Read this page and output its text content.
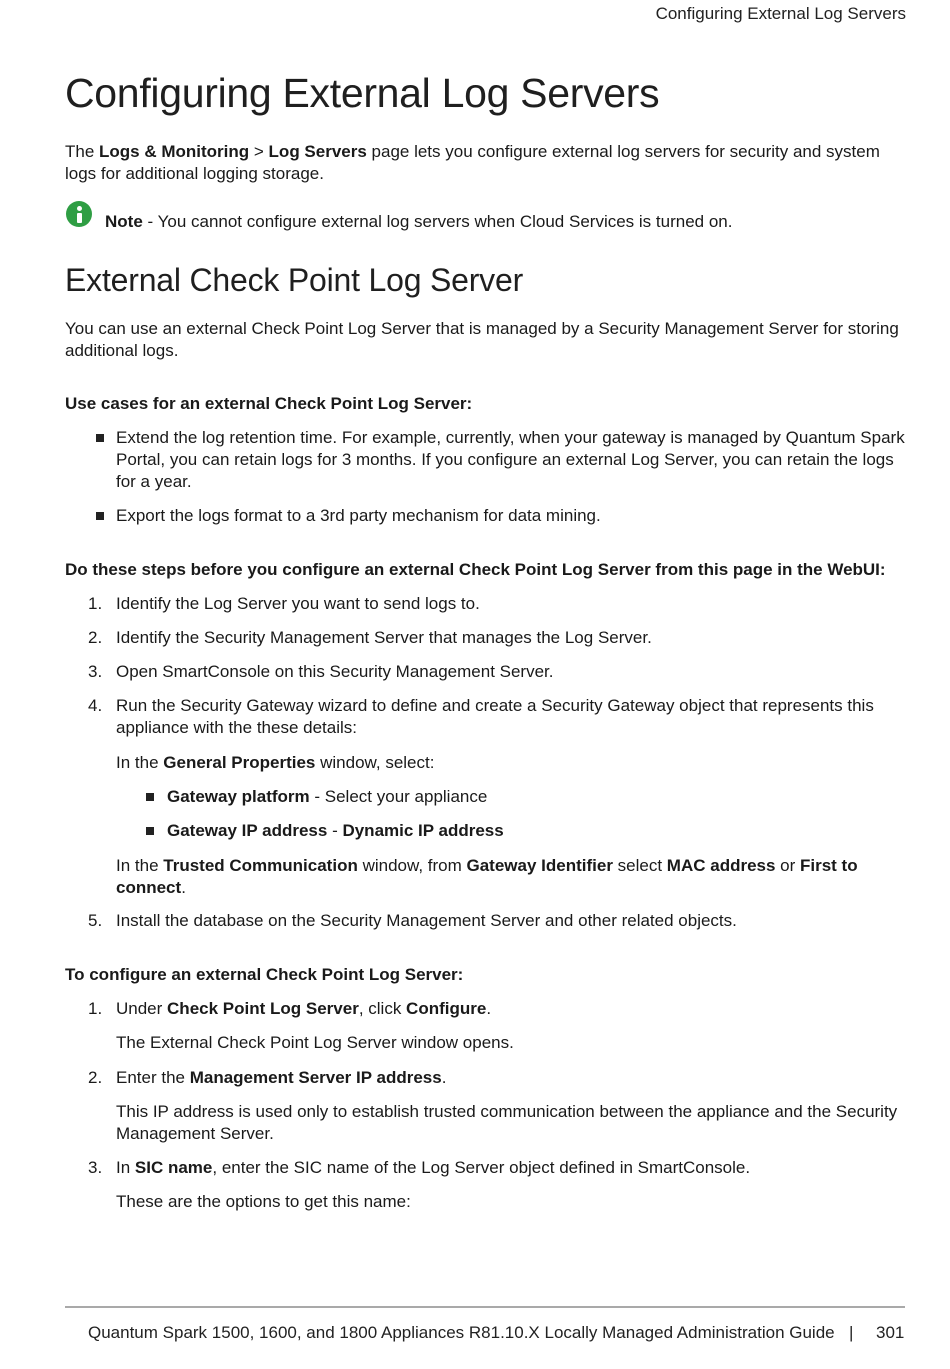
Configuring External Log Servers
Configuring External Log Servers

The Logs & Monitoring > Log Servers page lets you configure external log servers for security and system logs for additional logging storage.

Note - You cannot configure external log servers when Cloud Services is turned on.

External Check Point Log Server

You can use an external Check Point Log Server that is managed by a Security Management Server for storing additional logs.

Use cases for an external Check Point Log Server:

Extend the log retention time. For example, currently, when your gateway is managed by Quantum Spark Portal, you can retain logs for 3 months. If you configure an external Log Server, you can retain the logs for a year.

Export the logs format to a 3rd party mechanism for data mining.

Do these steps before you configure an external Check Point Log Server from this page in the WebUI:

1. Identify the Log Server you want to send logs to.

2. Identify the Security Management Server that manages the Log Server.

3. Open SmartConsole on this Security Management Server.

4. Run the Security Gateway wizard to define and create a Security Gateway object that represents this appliance with the these details:

In the General Properties window, select:

Gateway platform - Select your appliance

Gateway IP address - Dynamic IP address

In the Trusted Communication window, from Gateway Identifier select MAC address or First to connect.

5. Install the database on the Security Management Server and other related objects.

To configure an external Check Point Log Server:

1. Under Check Point Log Server, click Configure.

The External Check Point Log Server window opens.

2. Enter the Management Server IP address.

This IP address is used only to establish trusted communication between the appliance and the Security Management Server.

3. In SIC name, enter the SIC name of the Log Server object defined in SmartConsole.

These are the options to get this name:

Quantum Spark 1500, 1600, and 1800 Appliances R81.10.X Locally Managed Administration Guide | 301
